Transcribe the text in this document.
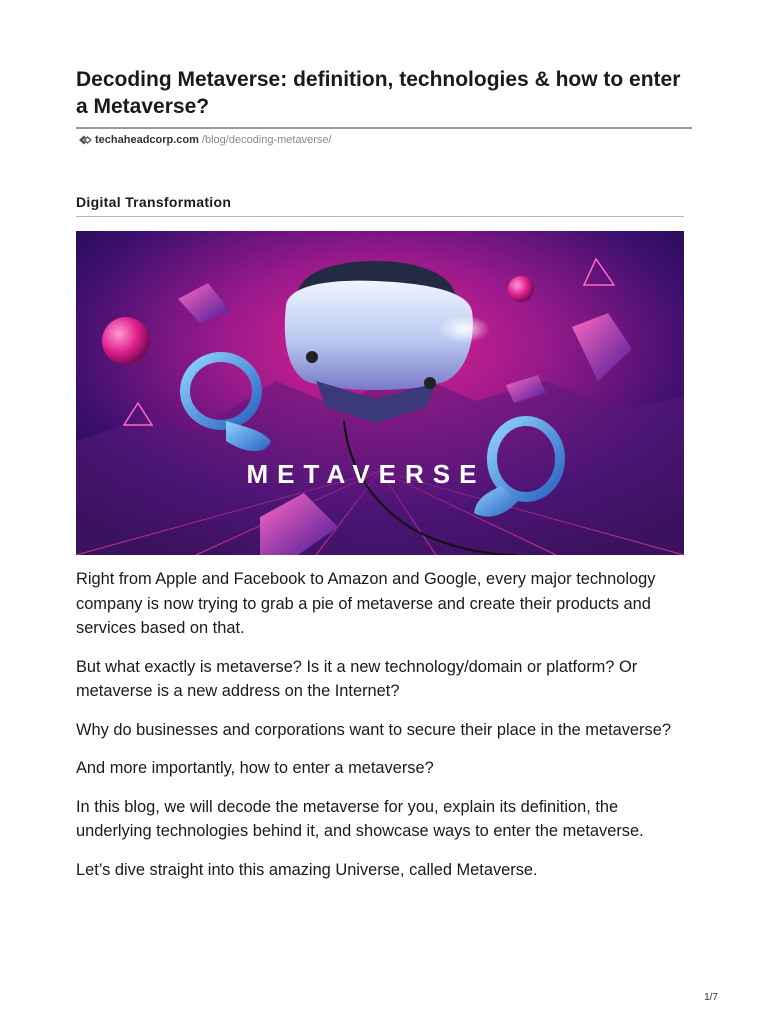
Decoding Metaverse: definition, technologies & how to enter a Metaverse?
techaheadcorp.com /blog/decoding-metaverse/
Digital Transformation
METAVERSE

Right from Apple and Facebook to Amazon and Google, every major technology company is now trying to grab a pie of metaverse and create their products and services based on that.

But what exactly is metaverse? Is it a new technology/domain or platform? Or metaverse is a new address on the Internet?

Why do businesses and corporations want to secure their place in the metaverse?

And more importantly, how to enter a metaverse?

In this blog, we will decode the metaverse for you, explain its definition, the underlying technologies behind it, and showcase ways to enter the metaverse.

Let’s dive straight into this amazing Universe, called Metaverse.

1/7
